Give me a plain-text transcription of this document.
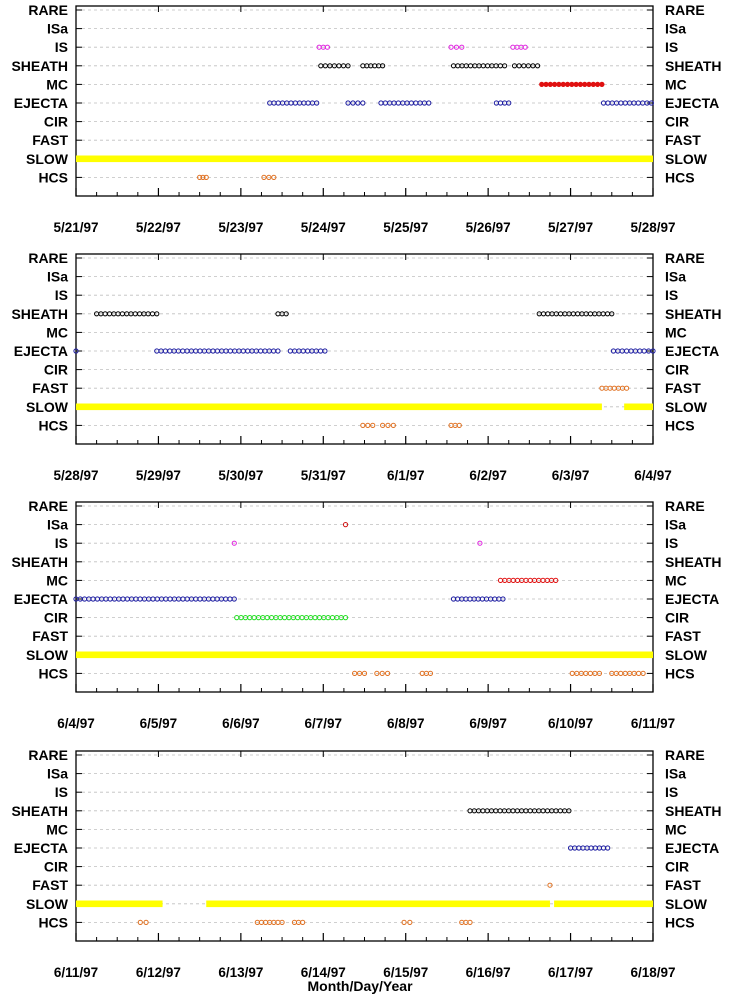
Month/Day/Year
RARE	RARE
ISa	ISa
IS	IS
SHEATH	SHEATH
MC	MC
EJECTA	EJECTA
CIR	CIR
FAST	FAST
SLOW	SLOW
HCS	HCS
5/21/97	5/22/97	5/23/97	5/24/97	5/25/97	5/26/97	5/27/97	5/28/97
RARE	RARE
ISa	ISa
IS	IS
SHEATH	SHEATH
MC	MC
EJECTA	EJECTA
CIR	CIR
FAST	FAST
SLOW	SLOW
HCS	HCS
5/28/97	5/29/97	5/30/97	5/31/97	6/1/97	6/2/97	6/3/97	6/4/97
RARE	RARE
ISa	ISa
IS	IS
SHEATH	SHEATH
MC	MC
EJECTA	EJECTA
CIR	CIR
FAST	FAST
SLOW	SLOW
HCS	HCS
6/4/97	6/5/97	6/6/97	6/7/97	6/8/97	6/9/97	6/10/97	6/11/97
RARE	RARE
ISa	ISa
IS	IS
SHEATH	SHEATH
MC	MC
EJECTA	EJECTA
CIR	CIR
FAST	FAST
SLOW	SLOW
HCS	HCS
6/11/97	6/12/97	6/13/97	6/14/97	6/15/97	6/16/97	6/17/97	6/18/97
